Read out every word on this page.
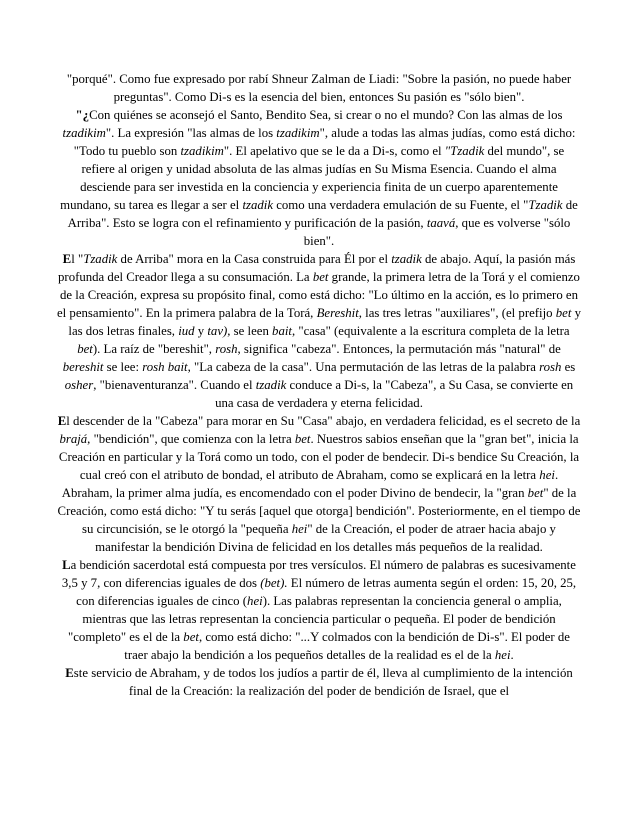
"porqué". Como fue expresado por rabí Shneur Zalman de Liadi: "Sobre la pasión, no puede haber preguntas". Como Di-s es la esencia del bien, entonces Su pasión es "sólo bien".

"¿Con quiénes se aconsejó el Santo, Bendito Sea, si crear o no el mundo? Con las almas de los tzadikim". La expresión "las almas de los tzadikim", alude a todas las almas judías, como está dicho: "Todo tu pueblo son tzadikim". El apelativo que se le da a Di-s, como el "Tzadik del mundo", se refiere al origen y unidad absoluta de las almas judías en Su Misma Esencia. Cuando el alma desciende para ser investida en la conciencia y experiencia finita de un cuerpo aparentemente mundano, su tarea es llegar a ser el tzadik como una verdadera emulación de su Fuente, el "Tzadik de Arriba". Esto se logra con el refinamiento y purificación de la pasión, taavá, que es volverse "sólo bien".

El "Tzadik de Arriba" mora en la Casa construida para Él por el tzadik de abajo. Aquí, la pasión más profunda del Creador llega a su consumación. La bet grande, la primera letra de la Torá y el comienzo de la Creación, expresa su propósito final, como está dicho: "Lo último en la acción, es lo primero en el pensamiento". En la primera palabra de la Torá, Bereshit, las tres letras "auxiliares", (el prefijo bet y las dos letras finales, iud y tav), se leen bait, "casa" (equivalente a la escritura completa de la letra bet). La raíz de "bereshit", rosh, significa "cabeza". Entonces, la permutación más "natural" de bereshit se lee: rosh bait, "La cabeza de la casa". Una permutación de las letras de la palabra rosh es osher, "bienaventuranza". Cuando el tzadik conduce a Di-s, la "Cabeza", a Su Casa, se convierte en una casa de verdadera y eterna felicidad.

El descender de la "Cabeza" para morar en Su "Casa" abajo, en verdadera felicidad, es el secreto de la brajá, "bendición", que comienza con la letra bet. Nuestros sabios enseñan que la "gran bet", inicia la Creación en particular y la Torá como un todo, con el poder de bendecir. Di-s bendice Su Creación, la cual creó con el atributo de bondad, el atributo de Abraham, como se explicará en la letra hei. Abraham, la primer alma judía, es encomendado con el poder Divino de bendecir, la "gran bet" de la Creación, como está dicho: "Y tu serás [aquel que otorga] bendición". Posteriormente, en el tiempo de su circuncisión, se le otorgó la "pequeña hei" de la Creación, el poder de atraer hacia abajo y manifestar la bendición Divina de felicidad en los detalles más pequeños de la realidad.

La bendición sacerdotal está compuesta por tres versículos. El número de palabras es sucesivamente 3,5 y 7, con diferencias iguales de dos (bet). El número de letras aumenta según el orden: 15, 20, 25, con diferencias iguales de cinco (hei). Las palabras representan la conciencia general o amplia, mientras que las letras representan la conciencia particular o pequeña. El poder de bendición "completo" es el de la bet, como está dicho: "...Y colmados con la bendición de Di-s". El poder de traer abajo la bendición a los pequeños detalles de la realidad es el de la hei.

Este servicio de Abraham, y de todos los judíos a partir de él, lleva al cumplimiento de la intención final de la Creación: la realización del poder de bendición de Israel, que el
